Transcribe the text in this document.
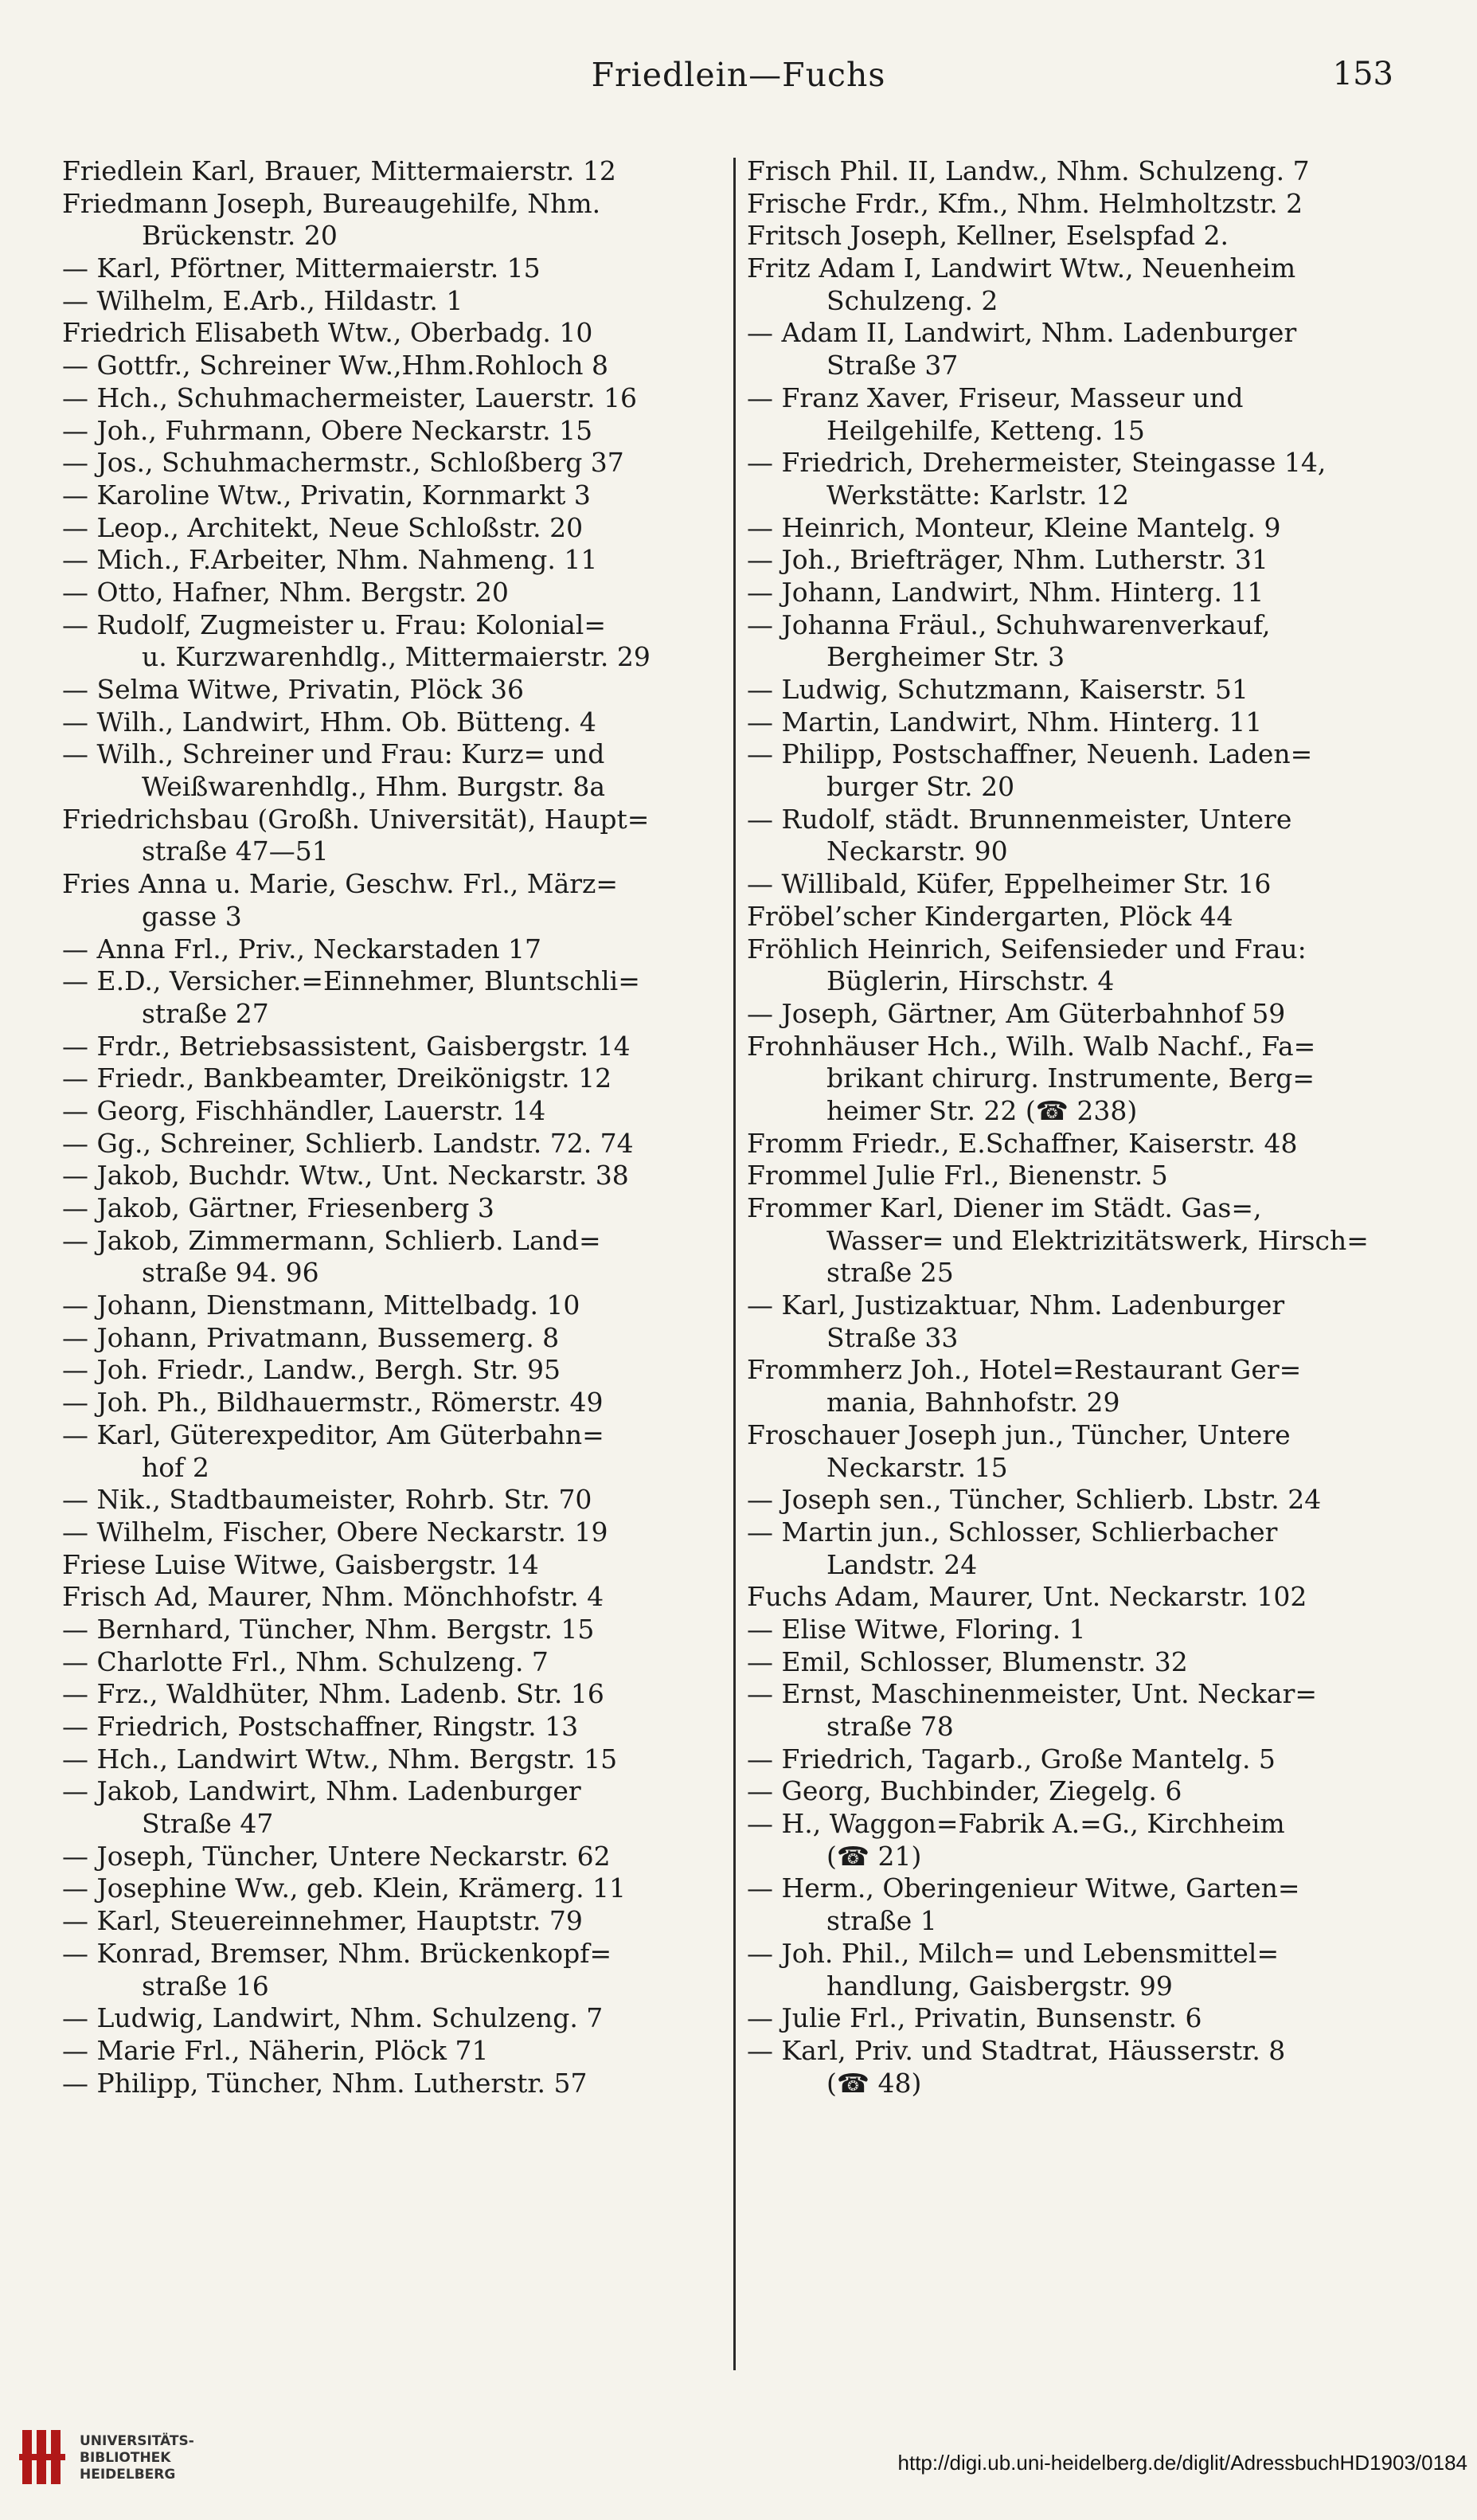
Friedlein—Fuchs	153
Friedlein Karl, Brauer, Mittermaierstr. 12
Friedmann Joseph, Bureaugehilfe, Nhm.
Brückenstr. 20
— Karl, Pförtner, Mittermaierstr. 15
— Wilhelm, E.Arb., Hildastr. 1
Friedrich Elisabeth Wtw., Oberbadg. 10
— Gottfr., Schreiner Ww.,Hhm.Rohloch 8
— Hch., Schuhmachermeister, Lauerstr. 16
— Joh., Fuhrmann, Obere Neckarstr. 15
— Jos., Schuhmachermstr., Schloßberg 37
— Karoline Wtw., Privatin, Kornmarkt 3
— Leop., Architekt, Neue Schloßstr. 20
— Mich., F.Arbeiter, Nhm. Nahmeng. 11
— Otto, Hafner, Nhm. Bergstr. 20
— Rudolf, Zugmeister u. Frau: Kolonial=
u. Kurzwarenhdlg., Mittermaierstr. 29
— Selma Witwe, Privatin, Plöck 36
— Wilh., Landwirt, Hhm. Ob. Bütteng. 4
— Wilh., Schreiner und Frau: Kurz= und
Weißwarenhdlg., Hhm. Burgstr. 8a
Friedrichsbau (Großh. Universität), Haupt=
straße 47—51
Fries Anna u. Marie, Geschw. Frl., März=
gasse 3
— Anna Frl., Priv., Neckarstaden 17
— E.D., Versicher.=Einnehmer, Bluntschli=
straße 27
— Frdr., Betriebsassistent, Gaisbergstr. 14
— Friedr., Bankbeamter, Dreikönigstr. 12
— Georg, Fischhändler, Lauerstr. 14
— Gg., Schreiner, Schlierb. Landstr. 72. 74
— Jakob, Buchdr. Wtw., Unt. Neckarstr. 38
— Jakob, Gärtner, Friesenberg 3
— Jakob, Zimmermann, Schlierb. Land=
straße 94. 96
— Johann, Dienstmann, Mittelbadg. 10
— Johann, Privatmann, Bussemerg. 8
— Joh. Friedr., Landw., Bergh. Str. 95
— Joh. Ph., Bildhauermstr., Römerstr. 49
— Karl, Güterexpeditor, Am Güterbahn=
hof 2
— Nik., Stadtbaumeister, Rohrb. Str. 70
— Wilhelm, Fischer, Obere Neckarstr. 19
Friese Luise Witwe, Gaisbergstr. 14
Frisch Ad, Maurer, Nhm. Mönchhofstr. 4
— Bernhard, Tüncher, Nhm. Bergstr. 15
— Charlotte Frl., Nhm. Schulzeng. 7
— Frz., Waldhüter, Nhm. Ladenb. Str. 16
— Friedrich, Postschaffner, Ringstr. 13
— Hch., Landwirt Wtw., Nhm. Bergstr. 15
— Jakob, Landwirt, Nhm. Ladenburger
Straße 47
— Joseph, Tüncher, Untere Neckarstr. 62
— Josephine Ww., geb. Klein, Krämerg. 11
— Karl, Steuereinnehmer, Hauptstr. 79
— Konrad, Bremser, Nhm. Brückenkopf=
straße 16
— Ludwig, Landwirt, Nhm. Schulzeng. 7
— Marie Frl., Näherin, Plöck 71
— Philipp, Tüncher, Nhm. Lutherstr. 57
Frisch Phil. II, Landw., Nhm. Schulzeng. 7
Frische Frdr., Kfm., Nhm. Helmholtzstr. 2
Fritsch Joseph, Kellner, Eselspfad 2.
Fritz Adam I, Landwirt Wtw., Neuenheim
Schulzeng. 2
— Adam II, Landwirt, Nhm. Ladenburger
Straße 37
— Franz Xaver, Friseur, Masseur und
Heilgehilfe, Ketteng. 15
— Friedrich, Drehermeister, Steingasse 14,
Werkstätte: Karlstr. 12
— Heinrich, Monteur, Kleine Mantelg. 9
— Joh., Briefträger, Nhm. Lutherstr. 31
— Johann, Landwirt, Nhm. Hinterg. 11
— Johanna Fräul., Schuhwarenverkauf,
Bergheimer Str. 3
— Ludwig, Schutzmann, Kaiserstr. 51
— Martin, Landwirt, Nhm. Hinterg. 11
— Philipp, Postschaffner, Neuenh. Laden=
burger Str. 20
— Rudolf, städt. Brunnenmeister, Untere
Neckarstr. 90
— Willibald, Küfer, Eppelheimer Str. 16
Fröbel’scher Kindergarten, Plöck 44
Fröhlich Heinrich, Seifensieder und Frau:
Büglerin, Hirschstr. 4
— Joseph, Gärtner, Am Güterbahnhof 59
Frohnhäuser Hch., Wilh. Walb Nachf., Fa=
brikant chirurg. Instrumente, Berg=
heimer Str. 22 (☎ 238)
Fromm Friedr., E.Schaffner, Kaiserstr. 48
Frommel Julie Frl., Bienenstr. 5
Frommer Karl, Diener im Städt. Gas=,
Wasser= und Elektrizitätswerk, Hirsch=
straße 25
— Karl, Justizaktuar, Nhm. Ladenburger
Straße 33
Frommherz Joh., Hotel=Restaurant Ger=
mania, Bahnhofstr. 29
Froschauer Joseph jun., Tüncher, Untere
Neckarstr. 15
— Joseph sen., Tüncher, Schlierb. Lbstr. 24
— Martin jun., Schlosser, Schlierbacher
Landstr. 24
Fuchs Adam, Maurer, Unt. Neckarstr. 102
— Elise Witwe, Floring. 1
— Emil, Schlosser, Blumenstr. 32
— Ernst, Maschinenmeister, Unt. Neckar=
straße 78
— Friedrich, Tagarb., Große Mantelg. 5
— Georg, Buchbinder, Ziegelg. 6
— H., Waggon=Fabrik A.=G., Kirchheim
(☎ 21)
— Herm., Oberingenieur Witwe, Garten=
straße 1
— Joh. Phil., Milch= und Lebensmittel=
handlung, Gaisbergstr. 99
— Julie Frl., Privatin, Bunsenstr. 6
— Karl, Priv. und Stadtrat, Häusserstr. 8
(☎ 48)
UNIVERSITÄTS-
BIBLIOTHEK
HEIDELBERG	http://digi.ub.uni-heidelberg.de/diglit/AdressbuchHD1903/0184
